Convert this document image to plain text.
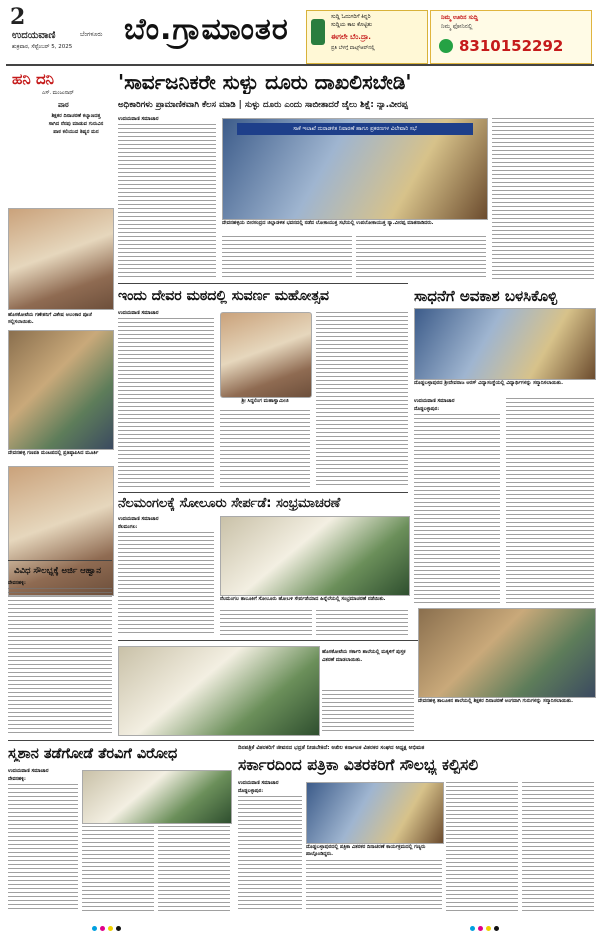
2
ಉದಯವಾಣಿ	ಬೆಂಗಳೂರು
ಶುಕ್ರವಾರ, ಸೆಪ್ಟೆಂಬರ್ 5, 2025 ಬೆಂ.ಗ್ರಾಮಾಂತರ	ಸುದ್ದಿ ಓದುಗರಿಗೆ ಕಿನ್ನರಿ
ಸುದ್ದಿಯ ಕಾಲ ಕೊಟ್ಟಿತು
ಈಗಲೇ ಬೆಂ.ದ್ರಾ.
ಪ್ರತಿ ಬೆಳಗ್ಗೆ ವಾಟ್ಸ್ಆಪ್‌ನಲ್ಲಿ
ನಿಮ್ಮ ಊರಿನ ಸುದ್ದಿ
ನಿಮ್ಮ ಫೋನಿನಲ್ಲಿ
8310152292
ಹನಿ ದನಿ
ಎಸ್. ಮಂಜುನಾಥ್
ಪಾಠ
ಶಿಕ್ಷಕರ ದಿನಾಚರಣೆ ಕಲ್ಯಾಣದತ್ತ ಸಾಗಿದ ನೆನಪು ಮಾಡುವ ಗುರುವಿನ ಪಾಠ ಕಲಿಯುವ ಶಿಷ್ಯರ ಮನ
ಹೊಸಕೋಟೆಯ ಗಣೇಶನಿಗೆ ವಿಶೇಷ ಅಲಂಕಾರ ಪೂಜೆ ಸಲ್ಲಿಸಲಾಯಿತು.
ದೇವನಹಳ್ಳಿ ಗಣಪತಿ ಮಂಟಪದಲ್ಲಿ ಪ್ರತಿಷ್ಠಾಪಿಸಿದ ಮೂರ್ತಿ
'ಸಾರ್ವಜನಿಕರೇ ಸುಳ್ಳು ದೂರು ದಾಖಲಿಸಬೇಡಿ'
ಅಧಿಕಾರಿಗಳು ಪ್ರಾಮಾಣಿಕವಾಗಿ ಕೆಲಸ ಮಾಡಿ | ಸುಳ್ಳು ದೂರು ಎಂದು ಸಾಬೀತಾದರೆ ಜೈಲು ಶಿಕ್ಷೆ: ನ್ಯಾ.ವೀರಪ್ಪ
ಉದಯವಾಣಿ ಸಮಾಚಾರ
ಸಾಕೆ ಇಲಾಖೆ ದುರಾಡಳಿತ ನಿವಾರಣೆ ಹಾಗೂ ಪ್ರಕರಣಗಳ ವಿಲೇವಾರಿ ಸಭೆ
ದೇವನಹಳ್ಳಿಯ ಬೀರಸಂದ್ರದ ಜಿಲ್ಲಾಡಳಿತ ಭವನದಲ್ಲಿ ನಡೆದ ಲೋಕಾಯುಕ್ತ ಸಭೆಯಲ್ಲಿ ಉಪಲೋಕಾಯುಕ್ತ ನ್ಯಾ.ವೀರಪ್ಪ ಮಾತನಾಡಿದರು.
ಇಂದು ದೇವರ ಮಠದಲ್ಲಿ ಸುವರ್ಣ ಮಹೋತ್ಸವ
ಉದಯವಾಣಿ ಸಮಾಚಾರ
ಶ್ರೀ ಸಿದ್ಧಲಿಂಗ ಮಹಾಸ್ವಾಮೀಜಿ
ಸಾಧನೆಗೆ ಅವಕಾಶ ಬಳಸಿಕೊಳ್ಳಿ
ದೊಡ್ಡಬಳ್ಳಾಪುರದ ಶ್ರೀದೇವರಾಜ ಅರಸ್ ವಿದ್ಯಾಸಂಸ್ಥೆಯಲ್ಲಿ ವಿದ್ಯಾರ್ಥಿಗಳನ್ನು ಸನ್ಮಾನಿಸಲಾಯಿತು.
ಉದಯವಾಣಿ ಸಮಾಚಾರ
ದೊಡ್ಡಬಳ್ಳಾಪುರ:
ನೆಲಮಂಗಲಕ್ಕೆ ಸೋಲೂರು ಸೇರ್ಪಡೆ: ಸಂಭ್ರಮಾಚರಣೆ
ಉದಯವಾಣಿ ಸಮಾಚಾರ
ನೆಲಮಂಗಲ:
ನೆಲಮಂಗಲ ತಾಲೂಕಿಗೆ ಸೋಲೂರು ಹೋಬಳಿ ಸೇರ್ಪಡೆಯಾದ ಹಿನ್ನೆಲೆಯಲ್ಲಿ ಸಂಭ್ರಮಾಚರಣೆ ನಡೆಯಿತು.
ವಿವಿಧ ಸೌಲಭ್ಯಕ್ಕೆ ಅರ್ಜಿ ಆಹ್ವಾನ
ದೇವನಹಳ್ಳಿ:
ಹೊಸಕೋಟೆಯ ಸರ್ಕಾರಿ ಶಾಲೆಯಲ್ಲಿ ಮಕ್ಕಳಿಗೆ ಪುಸ್ತಕ ವಿತರಣೆ ಮಾಡಲಾಯಿತು.
ದೇವನಹಳ್ಳಿ ತಾಲೂಕಿನ ಶಾಲೆಯಲ್ಲಿ ಶಿಕ್ಷಕರ ದಿನಾಚರಣೆ ಅಂಗವಾಗಿ ಗುರುಗಳನ್ನು ಸನ್ಮಾನಿಸಲಾಯಿತು.
ಸ್ಮಶಾನ ತಡೆಗೋಡೆ ತೆರವಿಗೆ ವಿರೋಧ
ಉದಯವಾಣಿ ಸಮಾಚಾರ
ದೇವನಹಳ್ಳಿ:
ದಿನಪತ್ರಿಕೆ ವಿತರಕರಿಗೆ ಜೀವನದ ಭದ್ರತೆ ನೀಡಬೇಕಿದೆ: ಅಖಿಲ ಕರ್ನಾಟಕ ವಿತರಕರ ಸಂಘದ ಅಧ್ಯಕ್ಷ ಅಭಿಮತ
ಸರ್ಕಾರದಿಂದ ಪತ್ರಿಕಾ ವಿತರಕರಿಗೆ ಸೌಲಭ್ಯ ಕಲ್ಪಿಸಲಿ
ಉದಯವಾಣಿ ಸಮಾಚಾರ
ದೊಡ್ಡಬಳ್ಳಾಪುರ:
ದೊಡ್ಡಬಳ್ಳಾಪುರದಲ್ಲಿ ಪತ್ರಿಕಾ ವಿತರಕರ ದಿನಾಚರಣೆ ಕಾರ್ಯಕ್ರಮದಲ್ಲಿ ಗಣ್ಯರು ಪಾಲ್ಗೊಂಡಿದ್ದರು.
